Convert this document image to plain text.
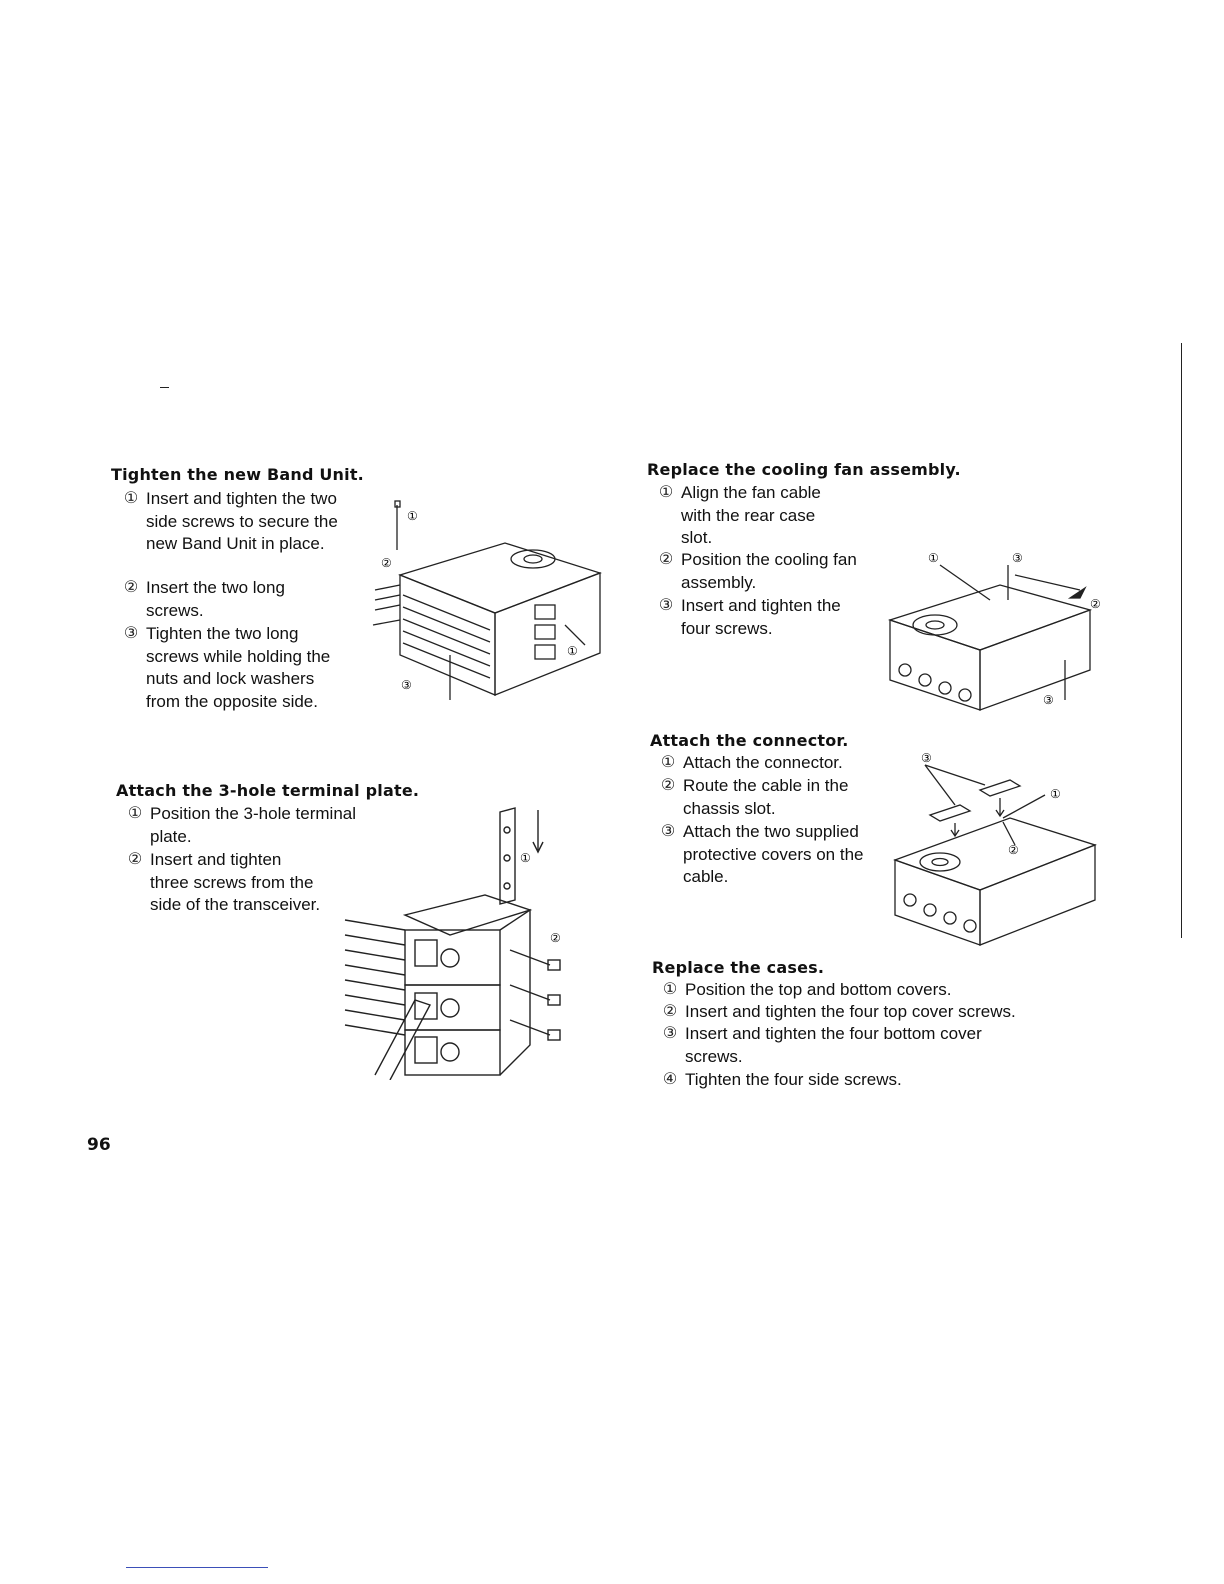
Tighten the new Band Unit.
① Insert and tighten the two side screws to secure the new Band Unit in place.
② Insert the two long screws.
③ Tighten the two long screws while holding the nuts and lock washers from the opposite side.
①
②
①
③
Attach the 3-hole terminal plate.
① Position the 3-hole terminal plate.
② Insert and tighten three screws from the side of the transceiver.
①
②
Replace the cooling fan assembly.
① Align the fan cable with the rear case slot.
② Position the cooling fan assembly.
③ Insert and tighten the four screws.
①	③
②
③
Attach the connector.
① Attach the connector.
② Route the cable in the chassis slot.
③ Attach the two supplied protective covers on the cable.
③
①
②
Replace the cases.
① Position the top and bottom covers.
② Insert and tighten the four top cover screws.
③ Insert and tighten the four bottom cover screws.
④ Tighten the four side screws.
96
